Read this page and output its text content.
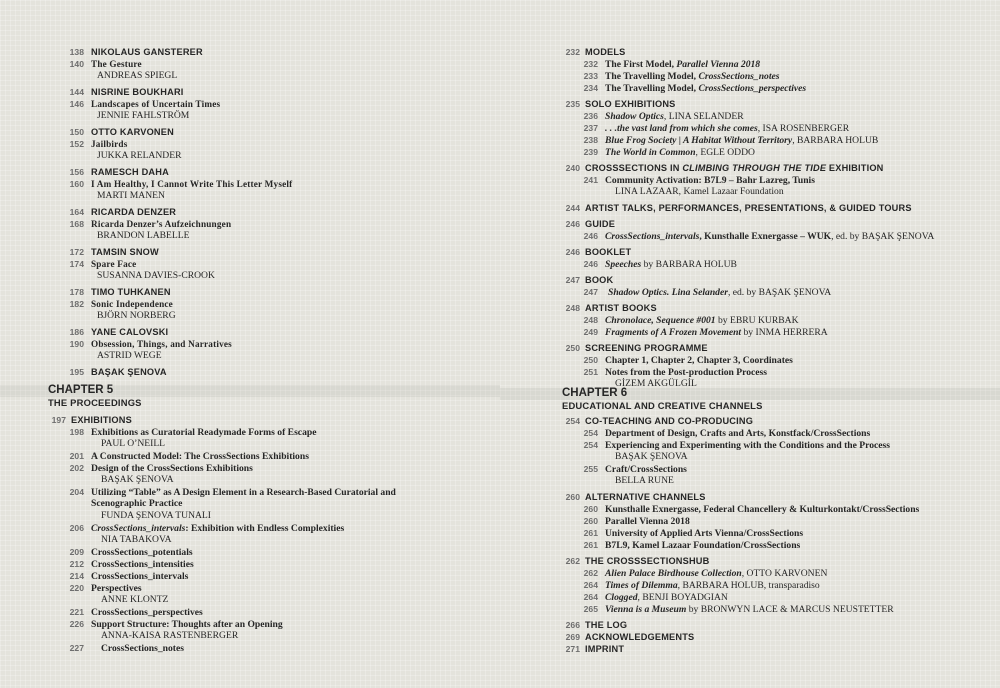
138 NIKOLAUS GANSTERER
140 The Gesture
ANDREAS SPIEGL
144 NISRINE BOUKHARI
146 Landscapes of Uncertain Times
JENNIE FAHLSTRÖM
150 OTTO KARVONEN
152 Jailbirds
JUKKA RELANDER
156 RAMESCH DAHA
160 I Am Healthy, I Cannot Write This Letter Myself
MARTI MANEN
164 RICARDA DENZER
168 Ricarda Denzer’s Aufzeichnungen
BRANDON LABELLE
172 TAMSIN SNOW
174 Spare Face
SUSANNA DAVIES-CROOK
178 TIMO TUHKANEN
182 Sonic Independence
BJÖRN NORBERG
186 YANE CALOVSKI
190 Obsession, Things, and Narratives
ASTRID WEGE
195 BAŞAK ŞENOVA
CHAPTER 5
THE PROCEEDINGS
197 EXHIBITIONS
198 Exhibitions as Curatorial Readymade Forms of Escape
PAUL O’NEILL
201 A Constructed Model: The CrossSections Exhibitions
202 Design of the CrossSections Exhibitions
BAŞAK ŞENOVA
204 Utilizing “Table” as A Design Element in a Research-Based Curatorial and
Scenographic Practice
FUNDA ŞENOVA TUNALI
206 CrossSections_intervals: Exhibition with Endless Complexities
NIA TABAKOVA
209 CrossSections_potentials
212 CrossSections_intensities
214 CrossSections_intervals
220 Perspectives
ANNE KLONTZ
221 CrossSections_perspectives
226 Support Structure: Thoughts after an Opening
ANNA-KAISA RASTENBERGER
227	CrossSections_notes
232 MODELS
232 The First Model, Parallel Vienna 2018
233 The Travelling Model, CrossSections_notes
234 The Travelling Model, CrossSections_perspectives
235 SOLO EXHIBITIONS
236 Shadow Optics, LINA SELANDER
237 . . .the vast land from which she comes, ISA ROSENBERGER
238 Blue Frog Society | A Habitat Without Territory, BARBARA HOLUB
239 The World in Common, EGLE ODDO
240 CROSSSECTIONS IN CLIMBING THROUGH THE TIDE EXHIBITION
241 Community Activation: B7L9 – Bahr Lazreg, Tunis
LINA LAZAAR, Kamel Lazaar Foundation
244 ARTIST TALKS, PERFORMANCES, PRESENTATIONS, & GUIDED TOURS
246 GUIDE
246 CrossSections_intervals, Kunsthalle Exnergasse – WUK, ed. by BAŞAK ŞENOVA
246 BOOKLET
246 Speeches by BARBARA HOLUB
247 BOOK
247	Shadow Optics. Lina Selander, ed. by BAŞAK ŞENOVA
248 ARTIST BOOKS
248 Chronolace, Sequence #001 by EBRU KURBAK
249 Fragments of A Frozen Movement by INMA HERRERA
250 SCREENING PROGRAMME
250 Chapter 1, Chapter 2, Chapter 3, Coordinates
251 Notes from the Post-production Process
GİZEM AKGÜLGİL
CHAPTER 6
EDUCATIONAL AND CREATIVE CHANNELS
254 CO-TEACHING AND CO-PRODUCING
254 Department of Design, Crafts and Arts, Konstfack/CrossSections
254 Experiencing and Experimenting with the Conditions and the Process
BAŞAK ŞENOVA
255 Craft/CrossSections
BELLA RUNE
260 ALTERNATIVE CHANNELS
260 Kunsthalle Exnergasse, Federal Chancellery & Kulturkontakt/CrossSections
260 Parallel Vienna 2018
261 University of Applied Arts Vienna/CrossSections
261 B7L9, Kamel Lazaar Foundation/CrossSections
262 THE CROSSSECTIONSHUB
262 Alien Palace Birdhouse Collection, OTTO KARVONEN
264 Times of Dilemma, BARBARA HOLUB, transparadiso
264 Clogged, BENJI BOYADGIAN
265 Vienna is a Museum by BRONWYN LACE & MARCUS NEUSTETTER
266 THE LOG
269 ACKNOWLEDGEMENTS
271 IMPRINT
